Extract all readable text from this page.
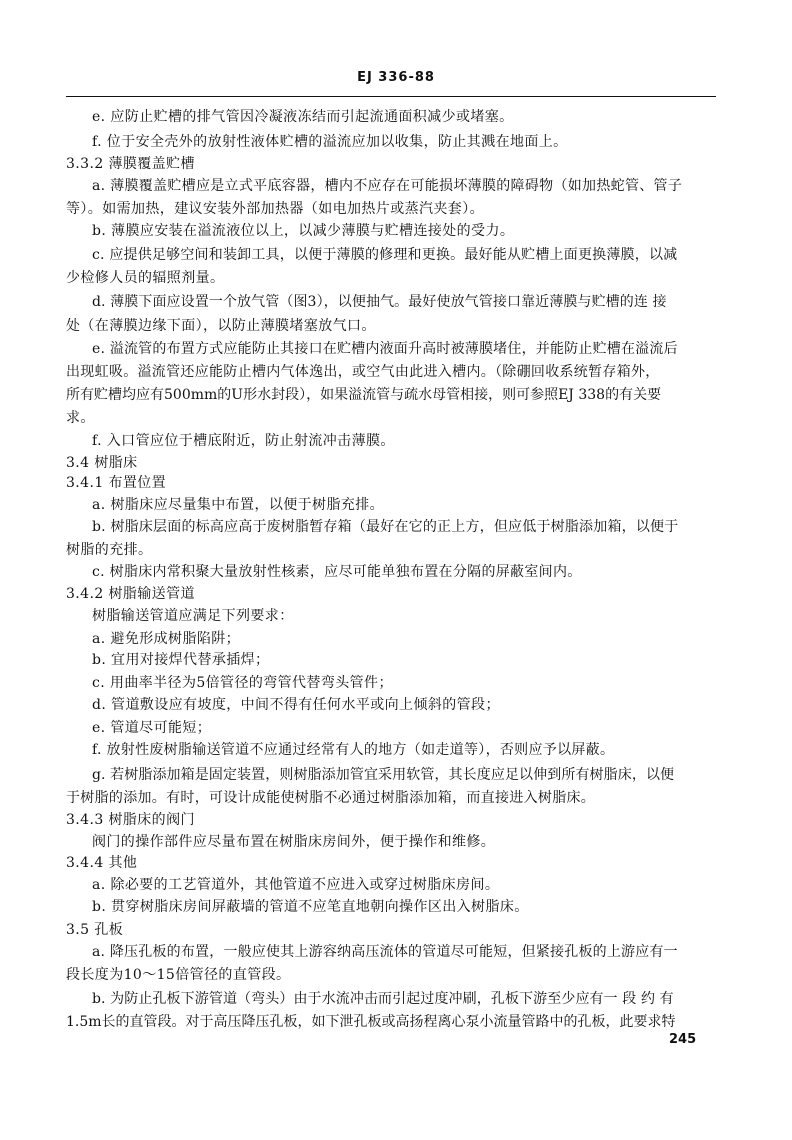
EJ 336-88
e. 应防止贮槽的排气管因冷凝液冻结而引起流通面积减少或堵塞。
f. 位于安全壳外的放射性液体贮槽的溢流应加以收集，防止其溅在地面上。
3.3.2 薄膜覆盖贮槽
a. 薄膜覆盖贮槽应是立式平底容器，槽内不应存在可能损坏薄膜的障碍物（如加热蛇管、管子
等）。如需加热，建议安装外部加热器（如电加热片或蒸汽夹套）。
b. 薄膜应安装在溢流液位以上，以减少薄膜与贮槽连接处的受力。
c. 应提供足够空间和装卸工具，以便于薄膜的修理和更换。最好能从贮槽上面更换薄膜，以减
少检修人员的辐照剂量。
d. 薄膜下面应设置一个放气管（图3），以便抽气。最好使放气管接口靠近薄膜与贮槽的连 接
处（在薄膜边缘下面），以防止薄膜堵塞放气口。
e. 溢流管的布置方式应能防止其接口在贮槽内液面升高时被薄膜堵住，并能防止贮槽在溢流后
出现虹吸。溢流管还应能防止槽内气体逸出，或空气由此进入槽内。（除硼回收系统暂存箱外，
所有贮槽均应有500mm的U形水封段），如果溢流管与疏水母管相接，则可参照EJ 338的有关要
求。
f. 入口管应位于槽底附近，防止射流冲击薄膜。
3.4 树脂床
3.4.1 布置位置
a. 树脂床应尽量集中布置，以便于树脂充排。
b. 树脂床层面的标高应高于废树脂暂存箱（最好在它的正上方，但应低于树脂添加箱，以便于
树脂的充排。
c. 树脂床内常积聚大量放射性核素，应尽可能单独布置在分隔的屏蔽室间内。
3.4.2 树脂输送管道
树脂输送管道应满足下列要求：
a. 避免形成树脂陷阱；
b. 宜用对接焊代替承插焊；
c. 用曲率半径为5倍管径的弯管代替弯头管件；
d. 管道敷设应有坡度，中间不得有任何水平或向上倾斜的管段；
e. 管道尽可能短；
f. 放射性废树脂输送管道不应通过经常有人的地方（如走道等），否则应予以屏蔽。
g. 若树脂添加箱是固定装置，则树脂添加管宜采用软管，其长度应足以伸到所有树脂床，以便
于树脂的添加。有时，可设计成能使树脂不必通过树脂添加箱，而直接进入树脂床。
3.4.3 树脂床的阀门
阀门的操作部件应尽量布置在树脂床房间外，便于操作和维修。
3.4.4 其他
a. 除必要的工艺管道外，其他管道不应进入或穿过树脂床房间。
b. 贯穿树脂床房间屏蔽墙的管道不应笔直地朝向操作区出入树脂床。
3.5 孔板
a. 降压孔板的布置，一般应使其上游容纳高压流体的管道尽可能短，但紧接孔板的上游应有一
段长度为10～15倍管径的直管段。
b. 为防止孔板下游管道（弯头）由于水流冲击而引起过度冲刷，孔板下游至少应有一 段 约 有
1.5m长的直管段。对于高压降压孔板，如下泄孔板或高扬程离心泵小流量管路中的孔板，此要求特
245
